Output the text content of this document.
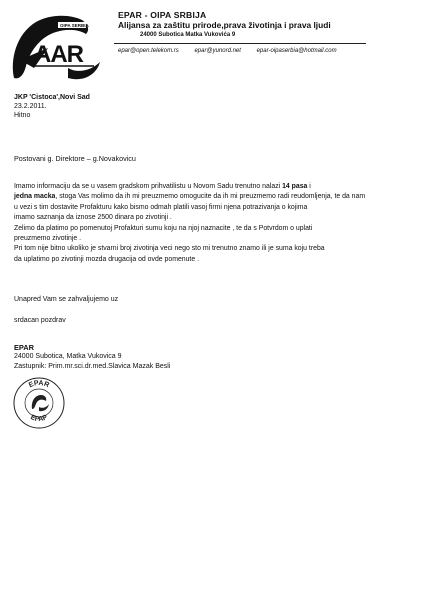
OIPA SERBIA
AAR
EPAR - OIPA SRBIJA
Alijansa za zaštitu prirode,prava životinja i prava ljudi
24000 Subotica Matka Vukovića 9
epar@open.telekom.rs	epar@yunord.net	epar-oipaserbia@hotmail.com
JKP 'Cistoca',Novi Sad
23.2.2011.
Hitno
Postovani g. Direktore – g.Novakovicu
Imamo informaciju da se u vasem gradskom prihvatilistu u Novom Sadu trenutno nalazi 14 pasa i
jedna macka, stoga Vas molimo da ih mi preuzmemo omogucite da ih mi preuzmemo radi reudomljenja, te da nam
u vezi s tim dostavite Profakturu kako bismo odmah platili vasoj firmi njena potrazivanja o kojima
imamo saznanja da iznose 2500 dinara po zivotinji .
Zelimo da platimo po pomenutoj Profakturi sumu koju na njoj naznacite , te da s Potvrdom o uplati
preuzmemo zivotinje .
Pri tom nije bitno ukoliko je stvarni broj zivotinja veci nego sto mi trenutno znamo ili je suma koju treba
da uplatimo po zivotinji mozda drugacija od ovde pomenute .
Unapred Vam se zahvaljujemo uz
srdacan pozdrav
EPAR
24000 Subotica, Matka Vukovica 9
Zastupnik: Prim.mr.sci.dr.med.Slavica Mazak Besli
EPAR
EPAP
